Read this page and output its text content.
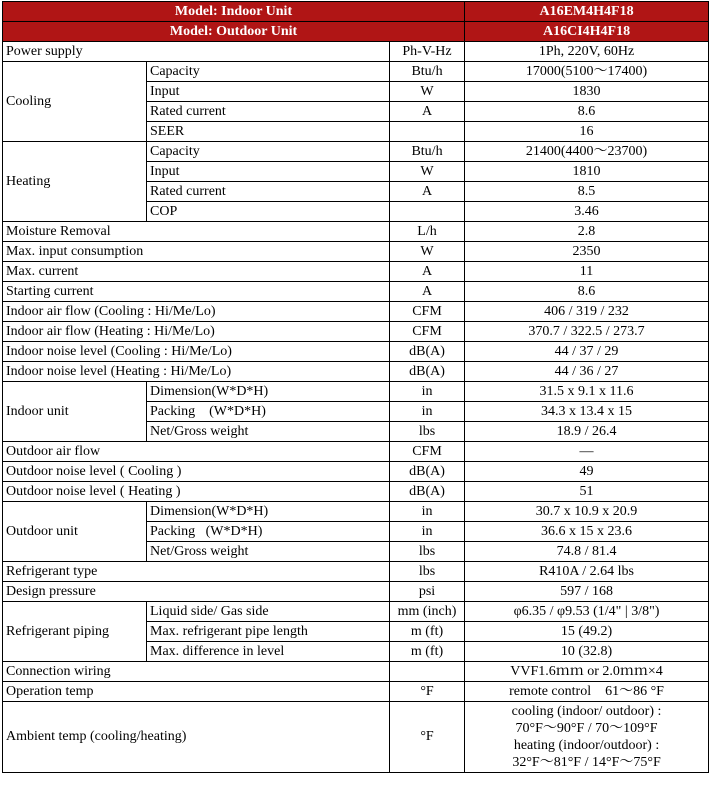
Model: Indoor Unit			A16EM4H4F18
Model: Outdoor Unit			A16CI4H4F18
Power supply		Ph-V-Hz	1Ph, 220V, 60Hz
Cooling	Capacity	Btu/h	17000(5100～17400)
	Input	W	1830
	Rated current	A	8.6
	SEER		16
Heating	Capacity	Btu/h	21400(4400～23700)
	Input	W	1810
	Rated current	A	8.5
	COP		3.46
Moisture Removal		L/h	2.8
Max. input consumption		W	2350
Max. current		A	11
Starting current		A	8.6
Indoor air flow (Cooling : Hi/Me/Lo)		CFM	406 / 319 / 232
Indoor air flow (Heating : Hi/Me/Lo)		CFM	370.7 / 322.5 / 273.7
Indoor noise level (Cooling : Hi/Me/Lo)		dB(A)	44 / 37 / 29
Indoor noise level (Heating : Hi/Me/Lo)		dB(A)	44 / 36 / 27
Indoor unit	Dimension(W*D*H)	in	31.5 x 9.1 x 11.6
	Packing    (W*D*H)	in	34.3 x 13.4 x 15
	Net/Gross weight	lbs	18.9 / 26.4
Outdoor air flow		CFM	—
Outdoor noise level ( Cooling )		dB(A)	49
Outdoor noise level ( Heating )		dB(A)	51
Outdoor unit	Dimension(W*D*H)	in	30.7 x 10.9 x 20.9
	Packing   (W*D*H)	in	36.6 x 15 x 23.6
	Net/Gross weight	lbs	74.8 / 81.4
Refrigerant type		lbs	R410A / 2.64 lbs
Design pressure		psi	597 / 168
Refrigerant piping	Liquid side/ Gas side	mm (inch)	φ6.35 / φ9.53 (1/4" | 3/8")
	Max. refrigerant pipe length	m (ft)	15 (49.2)
	Max. difference in level	m (ft)	10 (32.8)
Connection wiring			VVF1.6ｍｍ or 2.0ｍｍ×4
Operation temp		°F	remote control    61～86 °F
Ambient temp (cooling/heating)		°F	cooling (indoor/ outdoor) :
70°F～90°F / 70～109°F
heating (indoor/outdoor) :
32°F～81°F / 14°F～75°F
